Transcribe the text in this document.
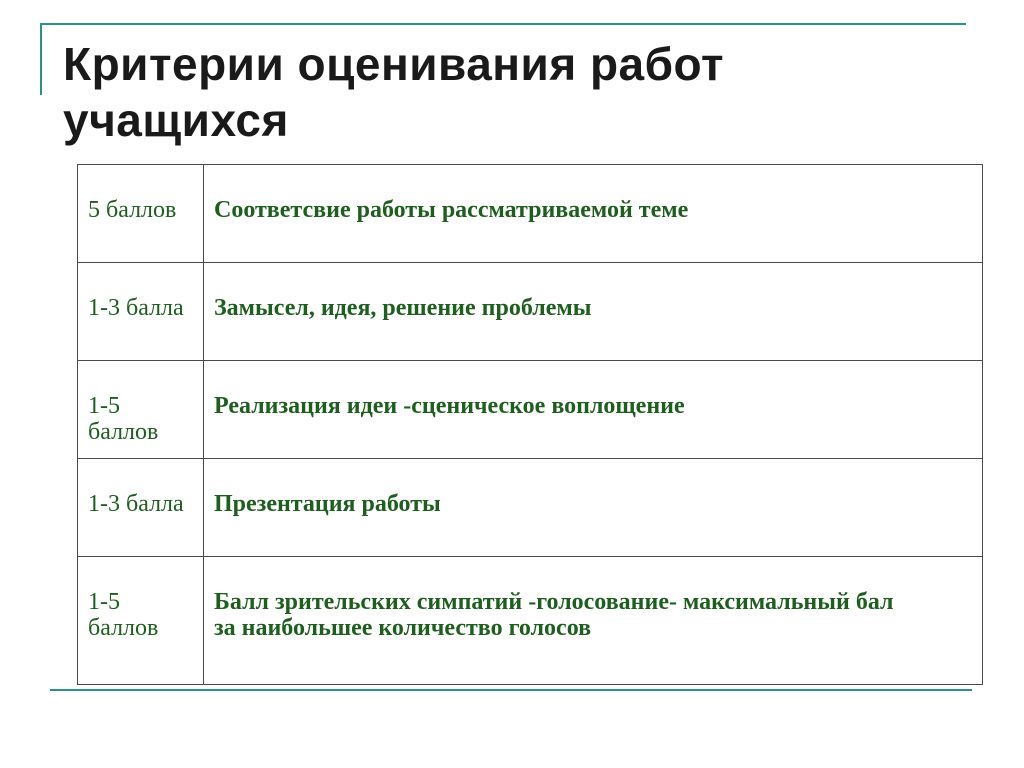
Критерии оценивания работ учащихся
5 баллов	Соответсвие работы рассматриваемой теме
1-3 балла	Замысел, идея, решение проблемы
1-5 баллов	Реализация идеи -сценическое воплощение
1-3 балла	Презентация работы
1-5 баллов	Балл зрительских симпатий -голосование- максимальный бал за наибольшее количество голосов
